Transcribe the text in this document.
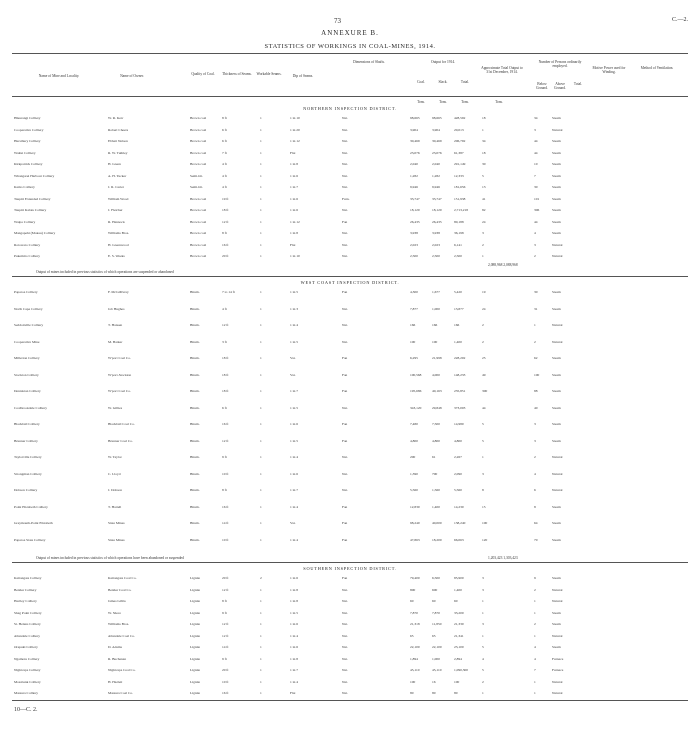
73	C.—2.
ANNEXURE B.
STATISTICS OF WORKINGS IN COAL-MINES, 1914.
Name of Mine and Locality.	Name of Owner.	Quality of Coal.	Thickness of Seams. Workable Seams.	Dip of Seams.
Dimensions of Shafts.	Output for 1914.
Approximate Total Output to 31st December, 1914.
Number of Persons ordinarily employed.	Motive Power used for Winding.
Method of Ventilation.
Coal.	Slack.	Total.	Below Ground.
Above Ground.
Total.
Tons.	Tons.	Tons.	Tons.
NORTHERN INSPECTION DISTRICT.
Hikurangi Colliery	W. R. Kerr	Brown coal	8 ft	1	1 in 10	Nat.	98,665	98,665	428,592	18	34	Steam
Cooperative Colliery	Robert Cheers	Brown coal	6 ft	1	1 in 20	Nat.	3,904	3,904	20,013	1	3	Natural
Hurstbury Colliery	Ebbett Nelson	Brown coal	6 ft	1	1 in 12	Nat.	30,469	30,469	206,792	34	44	Steam
Waitui Colliery	R. W. Tuthley	Brown coal	7 ft	1	Flat	Nat.	23,076	23,076	61,387	18	44	Steam
Kirkpatrick Colliery	H. Green	Brown coal	4 ft	1	1 in 8	Nat.	2,040	2,040	291,149	30	10	Steam
Whangarei Harbour Colliery	A. H. Tucker	Semi-bit.	4 ft	1	1 in 6	Nat.	1,282	1,282	12,333	5	7	Steam
Kamo Colliery	J. R. Carter	Semi-bit.	4 ft	1	1 in 7	Nat.	9,946	9,946	181,656	13	30	Steam
Taupiri Extended Colliery	William Wood	Brown coal	19 ft	1	1 in 6	Furn.	33,747	33,747	151,938	41	101	Steam
Taupiri Kalais Colliery	J. Fletcher	Brown coal	18 ft	1	1 in 6	Nat.	18,120	18,120	2,713,218	82	306	Steam
Waipa Colliery	R. Hannock	Brown coal	12 ft	1	1 in 12	Fan	26,435	26,435	80,188	24	44	Steam
Mangapehi (Mokau) Colliery	Williams Bros.	Brown coal	8 ft	1	1 in 8	Nat.	3,938	3,938	36,198	3	4	Steam
Rotowaro Colliery	H. Greenwood	Brown coal	16 ft	1	Flat	Nat.	2,023	2,023	6,141	2	3	Natural
Pukemiro Colliery	E. S. Weeks	Brown coal	20 ft	1	1 in 10	Nat.	2,500	2,500	2,500	1	2	Natural
Output of mines included in previous statistics of which operations are suspended or abandoned
2,088,968 2,088,968
WEST COAST INSPECTION DISTRICT.
Paparoa Colliery	F. McGillivray	Bitum.	7 to 14 ft	1	1 in 5	Fan	4,300	1,677	5,420	19	30	Steam
North Cape Colliery	Job Hughes	Bitum.	4 ft	1	1 in 3	Nat.	7,877	1,000	13,877	24	31	Steam
Seddonville Colliery	T. Hansen	Bitum.	12 ft	1	1 in 4	Nat.	166	166	166	2	1	Natural
Cooperative Mine	M. Barker	Bitum.	3 ft	1	1 in 5	Nat.	100	100	1,400	2	2	Natural
Millerton Colliery	W'port Coal Co.	Bitum.	18 ft	1	Var.	Fan	6,295	21,998	228,202	25	62	Steam
Stockton Colliery	W'port-Stockton	Bitum.	18 ft	1	Var.	Fan	100,568	4,000	148,233	49	100	Steam
Denniston Colliery	W'port Coal Co.	Bitum.	18 ft	1	1 in 7	Fan	195,686	40,163	235,851	300	88	Steam
Coalbrookdale Colliery	W. Gillies	Bitum.	6 ft	1	1 in 5	Nat.	343,120	29,848	373,003	44	40	Steam
Blackball Colliery	Blackball Coal Co.	Bitum.	16 ft	1	1 in 6	Fan	7,480	7,500	14,980	5	3	Steam
Brunner Colliery	Brunner Coal Co.	Bitum.	12 ft	1	1 in 5	Fan	4,800	4,800	4,800	5	3	Steam
Taylorville Colliery	W. Taylor	Bitum.	9 ft	1	1 in 4	Nat.	200	61	2,267	1	2	Natural
Strongman Colliery	C. Lloyd	Bitum.	10 ft	1	1 in 6	Nat.	1,390	700	2,090	3	4	Natural
Dobson Colliery	J. Dobson	Bitum.	8 ft	1	1 in 7	Nat.	5,560	1,560	5,560	8	6	Natural
Point Elizabeth Colliery	T. Hartell	Bitum.	16 ft	1	1 in 4	Fan	12,830	1,400	14,230	15	8	Steam
Greymouth-Point Elizabeth	State Mines	Bitum.	14 ft	1	Var.	Fan	98,240	40,000	138,240	100	64	Steam
Paparoa State Colliery	State Mines	Bitum.	10 ft	1	1 in 4	Fan	47,863	18,200	66,063	120	70	Steam
Output of mines included in previous statistics of which operations have been abandoned or suspended	1,203,423 1,303,423
SOUTHERN INSPECTION DISTRICT.
Kaitangata Colliery	Kaitangata Coal Co.	Lignite	20 ft	2	1 in 6	Fan	79,400	6,500	85,900	3	9	Steam
Benhar Colliery	Benhar Coal Co.	Lignite	12 ft	1	1 in 8	Nat.	800	600	1,400	3	2	Natural
Hartley Colliery	James Gibbs	Lignite	8 ft	1	1 in 8	Nat.	60	60	60	1	1	Natural
Shag Point Colliery	W. Shore	Lignite	9 ft	1	1 in 5	Nat.	7,870	7,870	33,200	1	1	Steam
St. Helens Colliery	Williams Bros.	Lignite	12 ft	1	1 in 6	Nat.	21,318	11,850	21,330	3	2	Steam
Allandale Colliery	Allandale Coal Co.	Lignite	12 ft	1	1 in 4	Nat.	65	65	21,341	1	1	Natural
Orepuki Colliery	D. Adams	Lignite	14 ft	1	1 in 6	Nat.	22,100	22,100	23,100	5	4	Steam
Ngamotu Colliery	R. Buchanan	Lignite	9 ft	1	1 in 8	Nat.	1,894	1,000	2,894	4	4	Furnace
Nightcaps Colliery	Nightcaps Coal Co.	Lignite	20 ft	1	1 in 7	Nat.	45,110	45,110	1,090,300	5	7	Furnace
Mossbank Colliery	H. Hazlett	Lignite	10 ft	1	1 in 4	Nat.	100	16	100	2	1	Natural
Mataura Colliery	Mataura Coal Co.	Lignite	16 ft	1	Flat	Nat.	80	80	80	1	1	Natural
10—C. 2.
